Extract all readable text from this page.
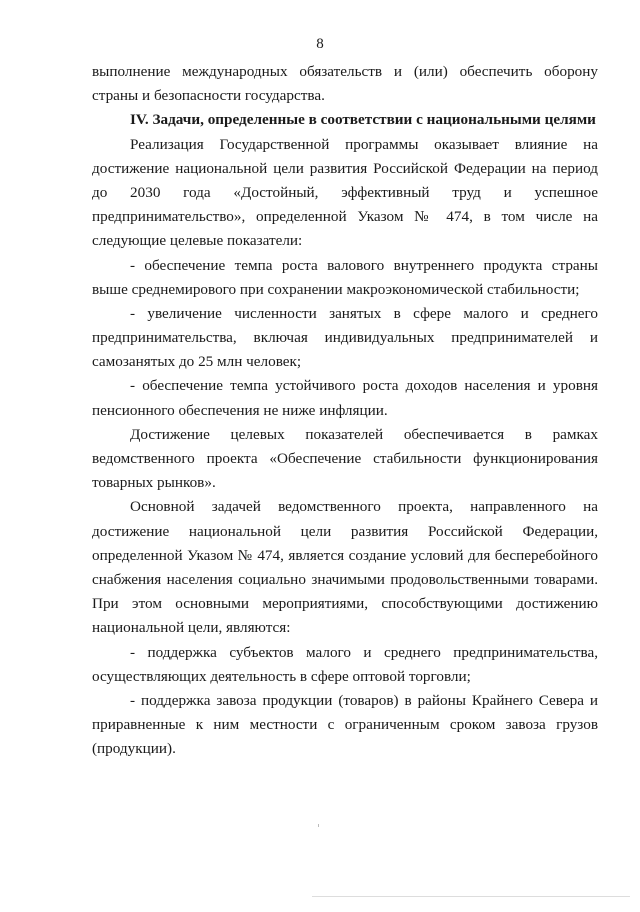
8
выполнение международных обязательств и (или) обеспечить оборону
страны и безопасности государства.
IV. Задачи, определенные в соответствии с национальными целями
Реализация Государственной программы оказывает влияние на
достижение национальной цели развития Российской Федерации на период
до 2030 года «Достойный, эффективный труд и успешное
предпринимательство», определенной Указом № 474, в том числе на
следующие целевые показатели:
- обеспечение темпа роста валового внутреннего продукта страны
выше среднемирового при сохранении макроэкономической стабильности;
- увеличение численности занятых в сфере малого и среднего
предпринимательства, включая индивидуальных предпринимателей и
самозанятых до 25 млн человек;
- обеспечение темпа устойчивого роста доходов населения и уровня
пенсионного обеспечения не ниже инфляции.
Достижение целевых показателей обеспечивается в рамках
ведомственного проекта «Обеспечение стабильности функционирования
товарных рынков».
Основной задачей ведомственного проекта, направленного на
достижение национальной цели развития Российской Федерации,
определенной Указом № 474, является создание условий для бесперебойного
снабжения населения социально значимыми продовольственными товарами.
При этом основными мероприятиями, способствующими достижению
национальной цели, являются:
- поддержка субъектов малого и среднего предпринимательства,
осуществляющих деятельность в сфере оптовой торговли;
- поддержка завоза продукции (товаров) в районы Крайнего Севера и
приравненные к ним местности с ограниченным сроком завоза грузов
(продукции).
